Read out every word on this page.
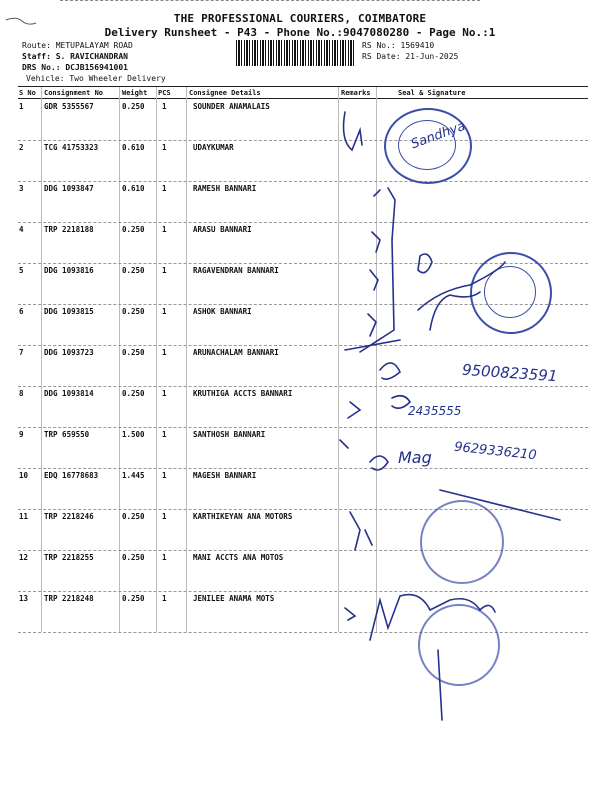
THE PROFESSIONAL COURIERS, COIMBATORE
Delivery Runsheet - P43 - Phone No.:9047080280 - Page No.:1
Route: METUPALAYAM ROAD
Staff: S. RAVICHANDRAN
DRS No.: DCJB156941001
Vehicle: Two Wheeler Delivery
RS No.: 1569410
RS Date: 21-Jun-2025
S No Consignment No	Weight PCS	Consignee Details	Remarks	Seal & Signature
1	GDR 5355567	0.250 1	SOUNDER ANAMALAIS
2	TCG 41753323	0.610 1	UDAYKUMAR
3	DDG 1093847	0.610 1	RAMESH BANNARI
4	TRP 2218188	0.250 1	ARASU BANNARI
5	DDG 1093816	0.250 1	RAGAVENDRAN BANNARI
6	DDG 1093815	0.250 1	ASHOK BANNARI
7	DDG 1093723	0.250 1	ARUNACHALAM BANNARI
8	DDG 1093814	0.250 1	KRUTHIGA ACCTS BANNARI
9	TRP 659550	1.500 1	SANTHOSH BANNARI
10 EDQ 16778683	1.445 1	MAGESH BANNARI
11 TRP 2218246	0.250 1	KARTHIKEYAN ANA MOTORS
12 TRP 2218255	0.250 1	MANI ACCTS ANA MOTOS
13 TRP 2218248	0.250 1	JENILEE ANAMA MOTS
Sandhya
9500823591
2435555
9629336210
Mag
